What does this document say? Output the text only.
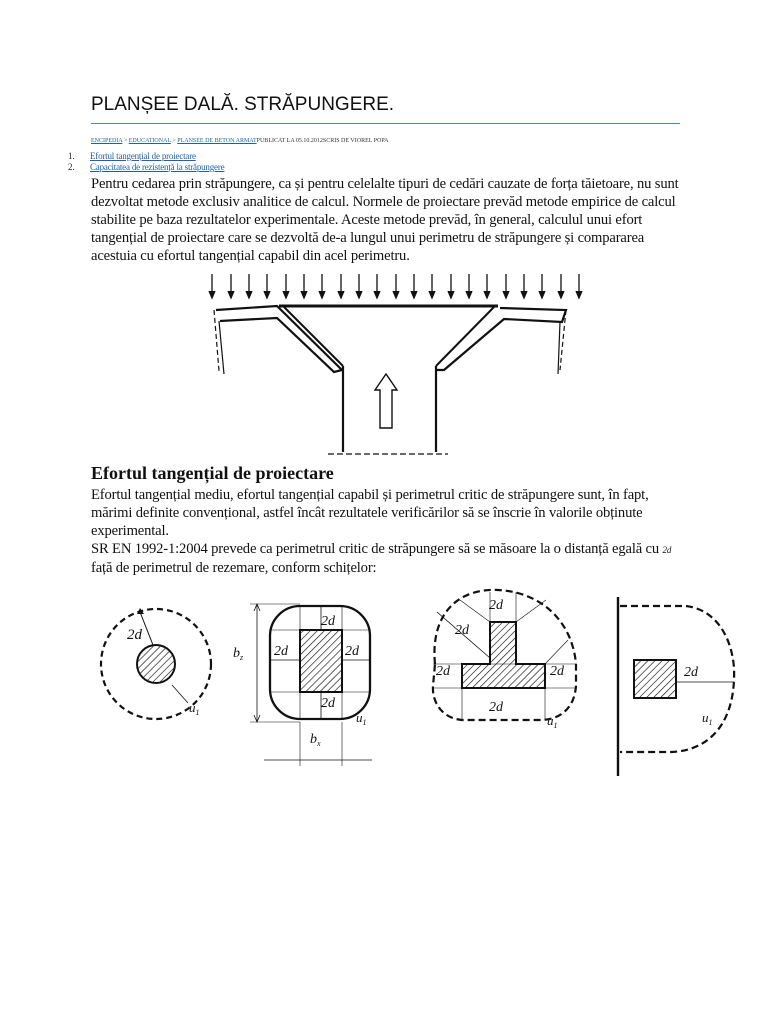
PLANȘEE DALĂ. STRĂPUNGERE.
ENCIPEDIA > EDUCATIONAL > PLANSEE DE BETON ARMATPUBLICAT LA 05.10.2012SCRIS DE VIOREL POPA
1.	Efortul tangențial de proiectare
2.	Capacitatea de rezistență la străpungere

Pentru cedarea prin străpungere, ca și pentru celelalte tipuri de cedări cauzate de forța tăietoare, nu sunt dezvoltat metode exclusiv analitice de calcul. Normele de proiectare prevăd metode empirice de calcul stabilite pe baza rezultatelor experimentale. Aceste metode prevăd, în general, calculul unui efort tangențial de proiectare care se dezvoltă de-a lungul unui perimetru de străpungere și compararea acestuia cu efortul tangențial capabil din acel perimetru.

Efortul tangențial de proiectare

Efortul tangențial mediu, efortul tangențial capabil și perimetrul critic de străpungere sunt, în fapt, mărimi definite convențional, astfel încât rezultatele verificărilor să se înscrie în valorile obținute experimental.

SR EN 1992-1:2004 prevede ca perimetrul critic de străpungere să se măsoare la o distanță egală cu 2d față de perimetrul de rezemare, conform schițelor:

2d
$u_1$
2d
2d	2d
2d
$b_z$
$b_x$
$u_1$
2d
2d
2d	2d
2d
$u_1$
2d
$u_1$
